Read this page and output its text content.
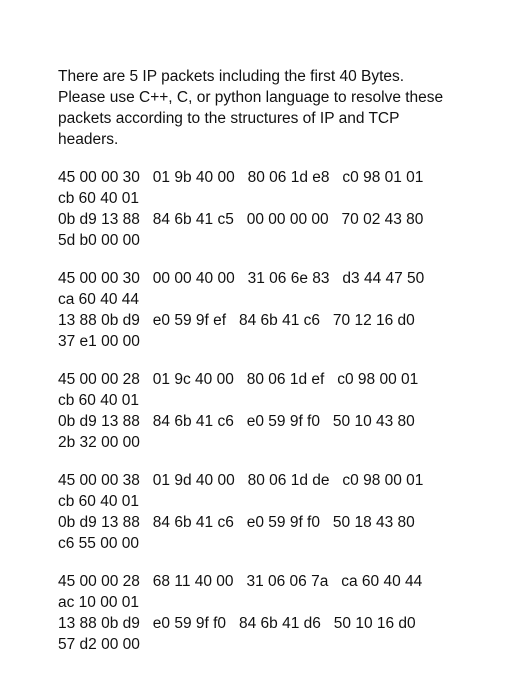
There are 5 IP packets including the first 40 Bytes.

Please use C++, C, or python language to resolve these

packets according to the structures of IP and TCP

headers.

45 00 00 30   01 9b 40 00   80 06 1d e8   c0 98 01 01
cb 60 40 01
0b d9 13 88   84 6b 41 c5   00 00 00 00   70 02 43 80
5d b0 00 00
45 00 00 30   00 00 40 00   31 06 6e 83   d3 44 47 50
ca 60 40 44
13 88 0b d9   e0 59 9f ef   84 6b 41 c6   70 12 16 d0
37 e1 00 00
45 00 00 28   01 9c 40 00   80 06 1d ef   c0 98 00 01
cb 60 40 01
0b d9 13 88   84 6b 41 c6   e0 59 9f f0   50 10 43 80
2b 32 00 00
45 00 00 38   01 9d 40 00   80 06 1d de   c0 98 00 01
cb 60 40 01
0b d9 13 88   84 6b 41 c6   e0 59 9f f0   50 18 43 80
c6 55 00 00
45 00 00 28   68 11 40 00   31 06 06 7a   ca 60 40 44
ac 10 00 01
13 88 0b d9   e0 59 9f f0   84 6b 41 d6   50 10 16 d0
57 d2 00 00
